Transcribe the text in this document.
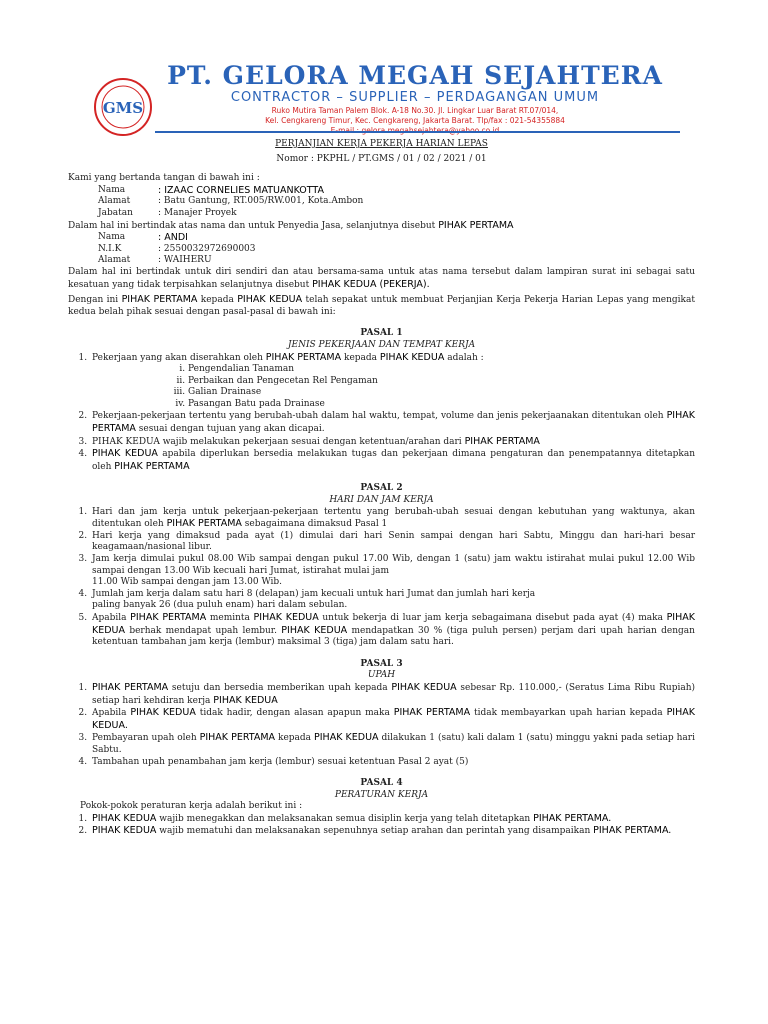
GMS
PT. GELORA MEGAH SEJAHTERA
CONTRACTOR – SUPPLIER – PERDAGANGAN UMUM
Ruko Mutira Taman Palem Blok. A-18 No.30. Jl. Lingkar Luar Barat RT.07/014,
Kel. Cengkareng Timur, Kec. Cengkareng, Jakarta Barat. Tlp/fax : 021-54355884
PERJANJIAN KERJA PEKERJA HARIAN LEPAS
Nomor : PKPHL / PT.GMS / 01 / 02 / 2021 / 01
Kami yang bertanda tangan di bawah ini :
Nama	: IZAAC CORNELIES MATUANKOTTA
Alamat	: Batu Gantung, RT.005/RW.001, Kota.Ambon
Jabatan	: Manajer Proyek
Dalam hal ini bertindak atas nama dan untuk Penyedia Jasa, selanjutnya disebut PIHAK PERTAMA
Nama	: ANDI
N.I.K	: 2550032972690003
Alamat	: WAIHERU
Dalam hal ini bertindak untuk diri sendiri dan atau bersama-sama untuk atas nama tersebut dalam lampiran surat ini sebagai satu kesatuan yang tidak terpisahkan selanjutnya disebut PIHAK KEDUA (PEKERJA).
Dengan ini PIHAK PERTAMA kepada PIHAK KEDUA telah sepakat untuk membuat Perjanjian Kerja Pekerja Harian Lepas yang mengikat kedua belah pihak sesuai dengan pasal-pasal di bawah ini:
PASAL 1
JENIS PEKERJAAN DAN TEMPAT KERJA
1. Pekerjaan yang akan diserahkan oleh PIHAK PERTAMA kepada PIHAK KEDUA adalah :
i. Pengendalian Tanaman
ii. Perbaikan dan Pengecetan Rel Pengaman
iii. Galian Drainase
iv. Pasangan Batu pada Drainase
2. Pekerjaan-pekerjaan tertentu yang berubah-ubah dalam hal waktu, tempat, volume dan jenis pekerjaanakan ditentukan oleh PIHAK PERTAMA sesuai dengan tujuan yang akan dicapai.
3. PIHAK KEDUA wajib melakukan pekerjaan sesuai dengan ketentuan/arahan dari PIHAK PERTAMA
4. PIHAK KEDUA apabila diperlukan bersedia melakukan tugas dan pekerjaan dimana pengaturan dan penempatannya ditetapkan oleh PIHAK PERTAMA
PASAL 2
HARI DAN JAM KERJA
1. Hari dan jam kerja untuk pekerjaan-pekerjaan tertentu yang berubah-ubah sesuai dengan kebutuhan yang waktunya, akan ditentukan oleh PIHAK PERTAMA sebagaimana dimaksud Pasal 1
2. Hari kerja yang dimaksud pada ayat (1) dimulai dari hari Senin sampai dengan hari Sabtu, Minggu dan hari-hari besar keagamaan/nasional libur.
3. Jam kerja dimulai pukul 08.00 Wib sampai dengan pukul 17.00 Wib, dengan 1 (satu) jam waktu istirahat mulai pukul 12.00 Wib sampai dengan 13.00 Wib kecuali hari Jumat, istirahat mulai jam
11.00 Wib sampai dengan jam 13.00 Wib.
4. Jumlah jam kerja dalam satu hari 8 (delapan) jam kecuali untuk hari Jumat dan jumlah hari kerja
paling banyak 26 (dua puluh enam) hari dalam sebulan.
5. Apabila PIHAK PERTAMA meminta PIHAK KEDUA untuk bekerja di luar jam kerja sebagaimana disebut pada ayat (4) maka PIHAK KEDUA berhak mendapat upah lembur. PIHAK KEDUA mendapatkan 30 % (tiga puluh persen) perjam dari upah harian dengan ketentuan tambahan jam kerja (lembur) maksimal 3 (tiga) jam dalam satu hari.
PASAL 3
UPAH
1. PIHAK PERTAMA setuju dan bersedia memberikan upah kepada PIHAK KEDUA sebesar Rp. 110.000,- (Seratus Lima Ribu Rupiah) setiap hari kehdiran kerja PIHAK KEDUA
2. Apabila PIHAK KEDUA tidak hadir, dengan alasan apapun maka PIHAK PERTAMA tidak membayarkan upah harian kepada PIHAK KEDUA.
3. Pembayaran upah oleh PIHAK PERTAMA kepada PIHAK KEDUA dilakukan 1 (satu) kali dalam 1 (satu) minggu yakni pada setiap hari Sabtu.
4. Tambahan upah penambahan jam kerja (lembur) sesuai ketentuan Pasal 2 ayat (5)
PASAL 4
PERATURAN KERJA
Pokok-pokok peraturan kerja adalah berikut ini :
1. PIHAK KEDUA wajib menegakkan dan melaksanakan semua disiplin kerja yang telah ditetapkan PIHAK PERTAMA.
2. PIHAK KEDUA wajib mematuhi dan melaksanakan sepenuhnya setiap arahan dan perintah yang disampaikan PIHAK PERTAMA.
